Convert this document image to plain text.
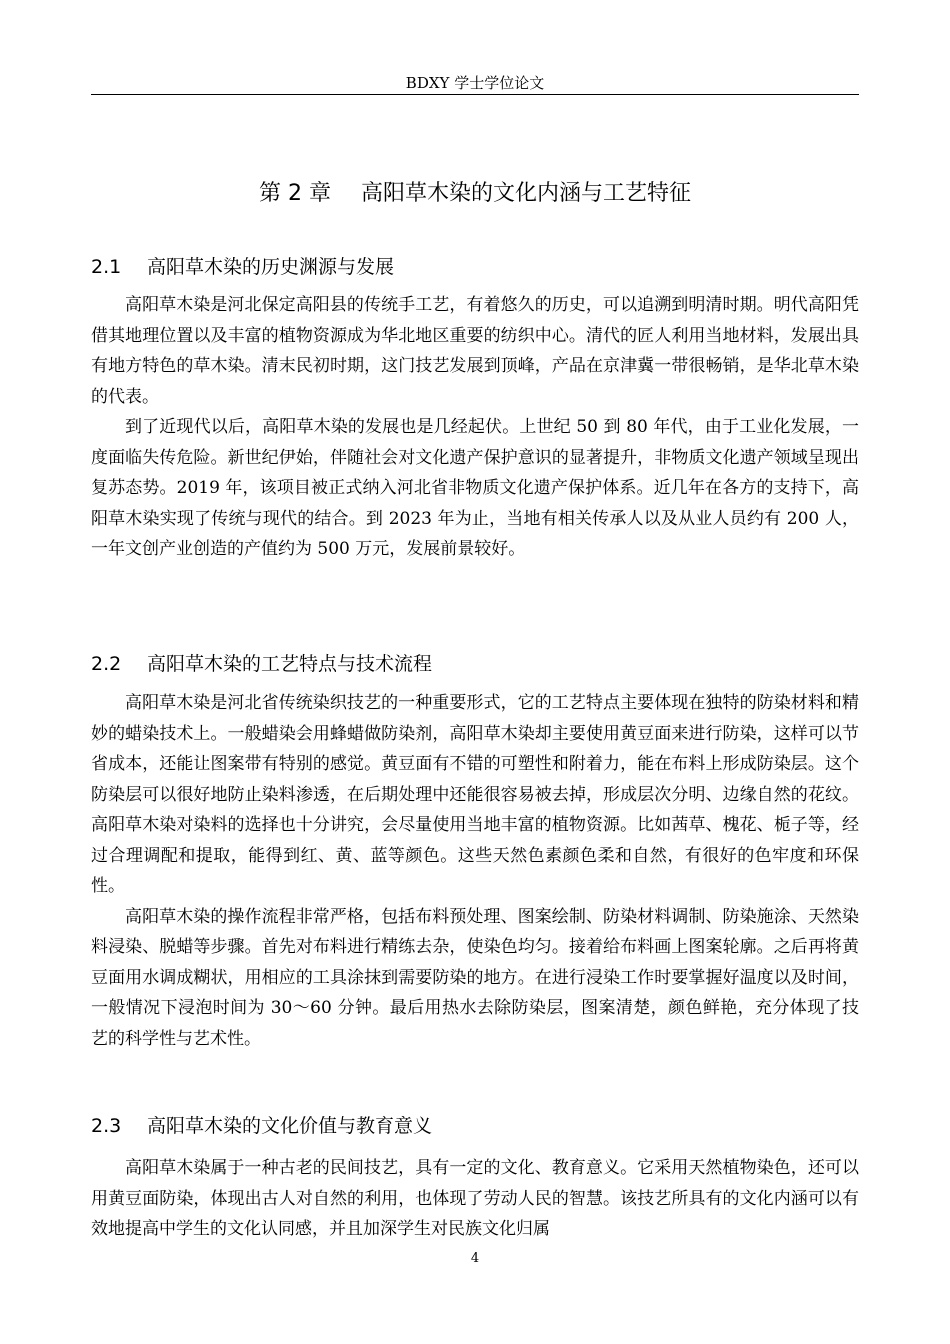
BDXY 学士学位论文
第 2 章 高阳草木染的文化内涵与工艺特征
2.1 高阳草木染的历史渊源与发展

高阳草木染是河北保定高阳县的传统手工艺，有着悠久的历史，可以追溯到明清时期。明代高阳凭借其地理位置以及丰富的植物资源成为华北地区重要的纺织中心。清代的匠人利用当地材料，发展出具有地方特色的草木染。清末民初时期，这门技艺发展到顶峰，产品在京津冀一带很畅销，是华北草木染的代表。

到了近现代以后，高阳草木染的发展也是几经起伏。上世纪 50 到 80 年代，由于工业化发展，一度面临失传危险。新世纪伊始，伴随社会对文化遗产保护意识的显著提升，非物质文化遗产领域呈现出复苏态势。2019 年，该项目被正式纳入河北省非物质文化遗产保护体系。近几年在各方的支持下，高阳草木染实现了传统与现代的结合。到 2023 年为止，当地有相关传承人以及从业人员约有 200 人，一年文创产业创造的产值约为 500 万元，发展前景较好。

2.2 高阳草木染的工艺特点与技术流程

高阳草木染是河北省传统染织技艺的一种重要形式，它的工艺特点主要体现在独特的防染材料和精妙的蜡染技术上。一般蜡染会用蜂蜡做防染剂，高阳草木染却主要使用黄豆面来进行防染，这样可以节省成本，还能让图案带有特别的感觉。黄豆面有不错的可塑性和附着力，能在布料上形成防染层。这个防染层可以很好地防止染料渗透，在后期处理中还能很容易被去掉，形成层次分明、边缘自然的花纹。高阳草木染对染料的选择也十分讲究，会尽量使用当地丰富的植物资源。比如茜草、槐花、栀子等，经过合理调配和提取，能得到红、黄、蓝等颜色。这些天然色素颜色柔和自然，有很好的色牢度和环保性。

高阳草木染的操作流程非常严格，包括布料预处理、图案绘制、防染材料调制、防染施涂、天然染料浸染、脱蜡等步骤。首先对布料进行精练去杂，使染色均匀。接着给布料画上图案轮廓。之后再将黄豆面用水调成糊状，用相应的工具涂抹到需要防染的地方。在进行浸染工作时要掌握好温度以及时间，一般情况下浸泡时间为 30～60 分钟。最后用热水去除防染层，图案清楚，颜色鲜艳，充分体现了技艺的科学性与艺术性。

2.3 高阳草木染的文化价值与教育意义

高阳草木染属于一种古老的民间技艺，具有一定的文化、教育意义。它采用天然植物染色，还可以用黄豆面防染，体现出古人对自然的利用，也体现了劳动人民的智慧。该技艺所具有的文化内涵可以有效地提高中学生的文化认同感，并且加深学生对民族文化归属

4
